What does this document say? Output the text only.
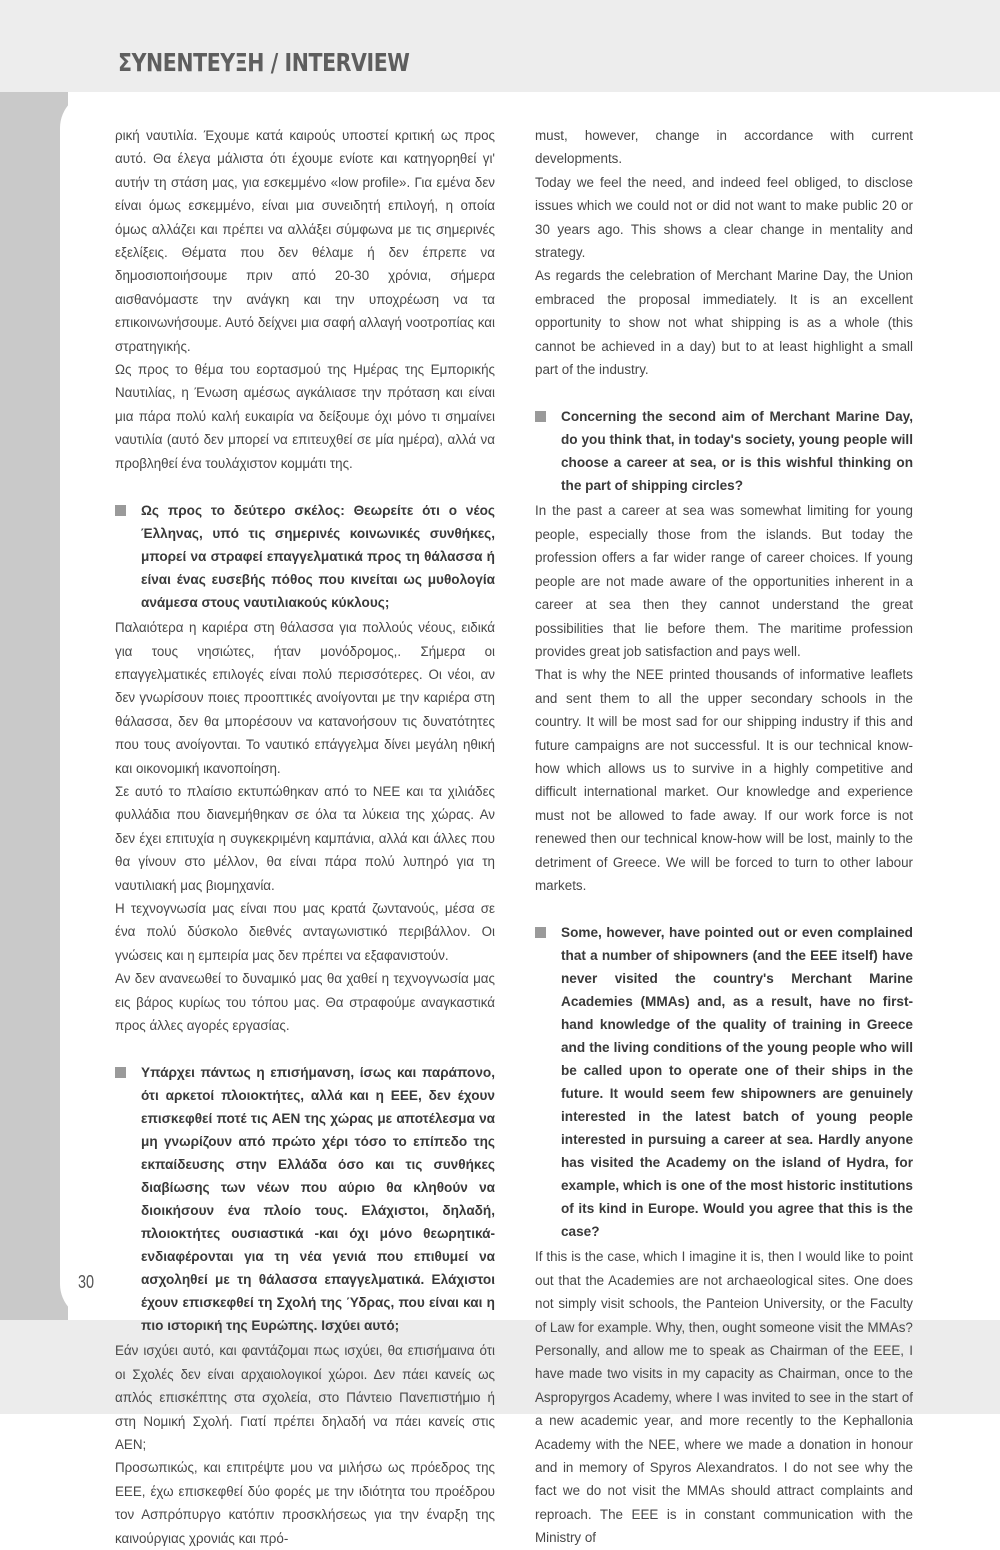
ΣΥΝΕΝΤΕΥΞΗ / INTERVIEW
30

ρική ναυτιλία. Έχουμε κατά καιρούς υποστεί κριτική ως προς αυτό. Θα έλεγα μάλιστα ότι έχουμε ενίοτε και κατηγορηθεί γι' αυτήν τη στάση μας, για εσκεμμένο «low profile». Για εμένα δεν είναι όμως εσκεμμένο, είναι μια συνειδητή επιλογή, η οποία όμως αλλάζει και πρέπει να αλλάξει σύμφωνα με τις σημερινές εξελίξεις. Θέματα που δεν θέλαμε ή δεν έπρεπε να δημοσιοποιήσουμε πριν από 20-30 χρόνια, σήμερα αισθανόμαστε την ανάγκη και την υποχρέωση να τα επικοινωνήσουμε. Αυτό δείχνει μια σαφή αλλαγή νοοτροπίας και στρατηγικής.

Ως προς το θέμα του εορτασμού της Ημέρας της Εμπορικής Ναυτιλίας, η Ένωση αμέσως αγκάλιασε την πρόταση και είναι μια πάρα πολύ καλή ευκαιρία να δείξουμε όχι μόνο τι σημαίνει ναυτιλία (αυτό δεν μπορεί να επιτευχθεί σε μία ημέρα), αλλά να προβληθεί ένα τουλάχιστον κομμάτι της.

Ως προς το δεύτερο σκέλος: Θεωρείτε ότι ο νέος Έλληνας, υπό τις σημερινές κοινωνικές συνθήκες, μπορεί να στραφεί επαγγελματικά προς τη θάλασσα ή είναι ένας ευσεβής πόθος που κινείται ως μυθολογία ανάμεσα στους ναυτιλιακούς κύκλους;

Παλαιότερα η καριέρα στη θάλασσα για πολλούς νέους, ειδικά για τους νησιώτες, ήταν μονόδρομος,. Σήμερα οι επαγγελματικές επιλογές είναι πολύ περισσότερες. Οι νέοι, αν δεν γνωρίσουν ποιες προοπτικές ανοίγονται με την καριέρα στη θάλασσα, δεν θα μπορέσουν να κατανοήσουν τις δυνατότητες που τους ανοίγονται. Το ναυτικό επάγγελμα δίνει μεγάλη ηθική και οικονομική ικανοποίηση.

Σε αυτό το πλαίσιο εκτυπώθηκαν από το ΝΕΕ και τα χιλιάδες φυλλάδια που διανεμήθηκαν σε όλα τα λύκεια της χώρας. Αν δεν έχει επιτυχία η συγκεκριμένη καμπάνια, αλλά και άλλες που θα γίνουν στο μέλλον, θα είναι πάρα πολύ λυπηρό για τη ναυτιλιακή μας βιομηχανία.

Η τεχνογνωσία μας είναι που μας κρατά ζωντανούς, μέσα σε ένα πολύ δύσκολο διεθνές ανταγωνιστικό περιβάλλον. Οι γνώσεις και η εμπειρία μας δεν πρέπει να εξαφανιστούν.

Αν δεν ανανεωθεί το δυναμικό μας θα χαθεί η τεχνογνωσία μας εις βάρος κυρίως του τόπου μας. Θα στραφούμε αναγκαστικά προς άλλες αγορές εργασίας.

Υπάρχει πάντως η επισήμανση, ίσως και παράπονο, ότι αρκετοί πλοιοκτήτες, αλλά και η ΕΕΕ, δεν έχουν επισκεφθεί ποτέ τις ΑΕΝ της χώρας με αποτέλεσμα να μη γνωρίζουν από πρώτο χέρι τόσο το επίπεδο της εκπαίδευσης στην Ελλάδα όσο και τις συνθήκες διαβίωσης των νέων που αύριο θα κληθούν να διοικήσουν ένα πλοίο τους. Ελάχιστοι, δηλαδή, πλοιοκτήτες ουσιαστικά -και όχι μόνο θεωρητικά- ενδιαφέρονται για τη νέα γενιά που επιθυμεί να ασχοληθεί με τη θάλασσα επαγγελματικά. Ελάχιστοι έχουν επισκεφθεί τη Σχολή της Ύδρας, που είναι και η πιο ιστορική της Ευρώπης. Ισχύει αυτό;

Εάν ισχύει αυτό, και φαντάζομαι πως ισχύει, θα επισήμαινα ότι οι Σχολές δεν είναι αρχαιολογικοί χώροι. Δεν πάει κανείς ως απλός επισκέπτης στα σχολεία, στο Πάντειο Πανεπιστήμιο ή στη Νομική Σχολή. Γιατί πρέπει δηλαδή να πάει κανείς στις ΑΕΝ;

Προσωπικώς, και επιτρέψτε μου να μιλήσω ως πρόεδρος της ΕΕΕ, έχω επισκεφθεί δύο φορές με την ιδιότητα του προέδρου τον Ασπρόπυργο κατόπιν προσκλήσεως για την έναρξη της καινούργιας χρονιάς και πρό-

must, however, change in accordance with current developments.

Today we feel the need, and indeed feel obliged, to disclose issues which we could not or did not want to make public 20 or 30 years ago. This shows a clear change in mentality and strategy.

As regards the celebration of Merchant Marine Day, the Union embraced the proposal immediately. It is an excellent opportunity to show not what shipping is as a whole (this cannot be achieved in a day) but to at least highlight a small part of the industry.

Concerning the second aim of Merchant Marine Day, do you think that, in today's society, young people will choose a career at sea, or is this wishful thinking on the part of shipping circles?

In the past a career at sea was somewhat limiting for young people, especially those from the islands. But today the profession offers a far wider range of career choices. If young people are not made aware of the opportunities inherent in a career at sea then they cannot understand the great possibilities that lie before them. The maritime profession provides great job satisfaction and pays well.

That is why the NEE printed thousands of informative leaflets and sent them to all the upper secondary schools in the country. It will be most sad for our shipping industry if this and future campaigns are not successful. It is our technical know-how which allows us to survive in a highly competitive and difficult international market. Our knowledge and experience must not be allowed to fade away. If our work force is not renewed then our technical know-how will be lost, mainly to the detriment of Greece. We will be forced to turn to other labour markets.

Some, however, have pointed out or even complained that a number of shipowners (and the EEE itself) have never visited the country's Merchant Marine Academies (MMAs) and, as a result, have no first-hand knowledge of the quality of training in Greece and the living conditions of the young people who will be called upon to operate one of their ships in the future. It would seem few shipowners are genuinely interested in the latest batch of young people interested in pursuing a career at sea. Hardly anyone has visited the Academy on the island of Hydra, for example, which is one of the most historic institutions of its kind in Europe. Would you agree that this is the case?

If this is the case, which I imagine it is, then I would like to point out that the Academies are not archaeological sites. One does not simply visit schools, the Panteion University, or the Faculty of Law for example. Why, then, ought someone visit the MMAs?

Personally, and allow me to speak as Chairman of the EEE, I have made two visits in my capacity as Chairman, once to the Aspropyrgos Academy, where I was invited to see in the start of a new academic year, and more recently to the Kephallonia Academy with the NEE, where we made a donation in honour and in memory of Spyros Alexandratos. I do not see why the fact we do not visit the MMAs should attract complaints and reproach. The EEE is in constant communication with the Ministry of
